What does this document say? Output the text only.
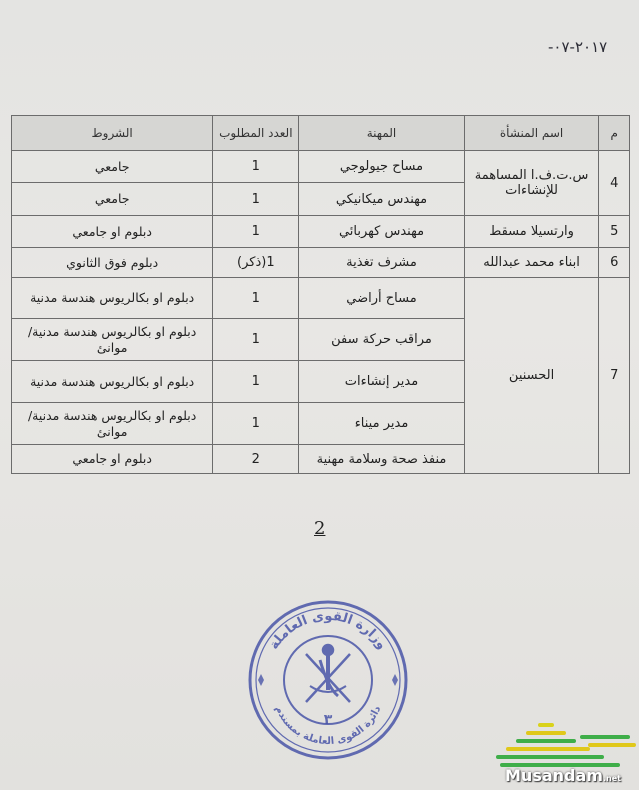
٢٠١٧-٠٧-
م	اسم المنشأة	المهنة	العدد المطلوب	الشروط
4	س.ت.ف.ا المساهمة للإنشاءات	مساح جيولوجي	1	جامعي
		مهندس ميكانيكي	1	جامعي
5	وارتسيلا مسقط	مهندس كهربائي	1	دبلوم او جامعي
6	ابناء محمد عبدالله	مشرف تغذية	1(ذكر)	دبلوم فوق الثانوي
7	الحسنين	مساح أراضي	1	دبلوم او بكالريوس هندسة مدنية
		مراقب حركة سفن	1	دبلوم او بكالريوس هندسة مدنية/ موانئ
		مدير إنشاءات	1	دبلوم او بكالريوس هندسة مدنية
		مدير ميناء	1	دبلوم او بكالريوس هندسة مدنية/موانئ
		منفذ صحة وسلامة مهنية	2	دبلوم او جامعي
2
وزارة القوى العاملة
دائرة القوى العاملة بمسندم
٣
Musandam.net
